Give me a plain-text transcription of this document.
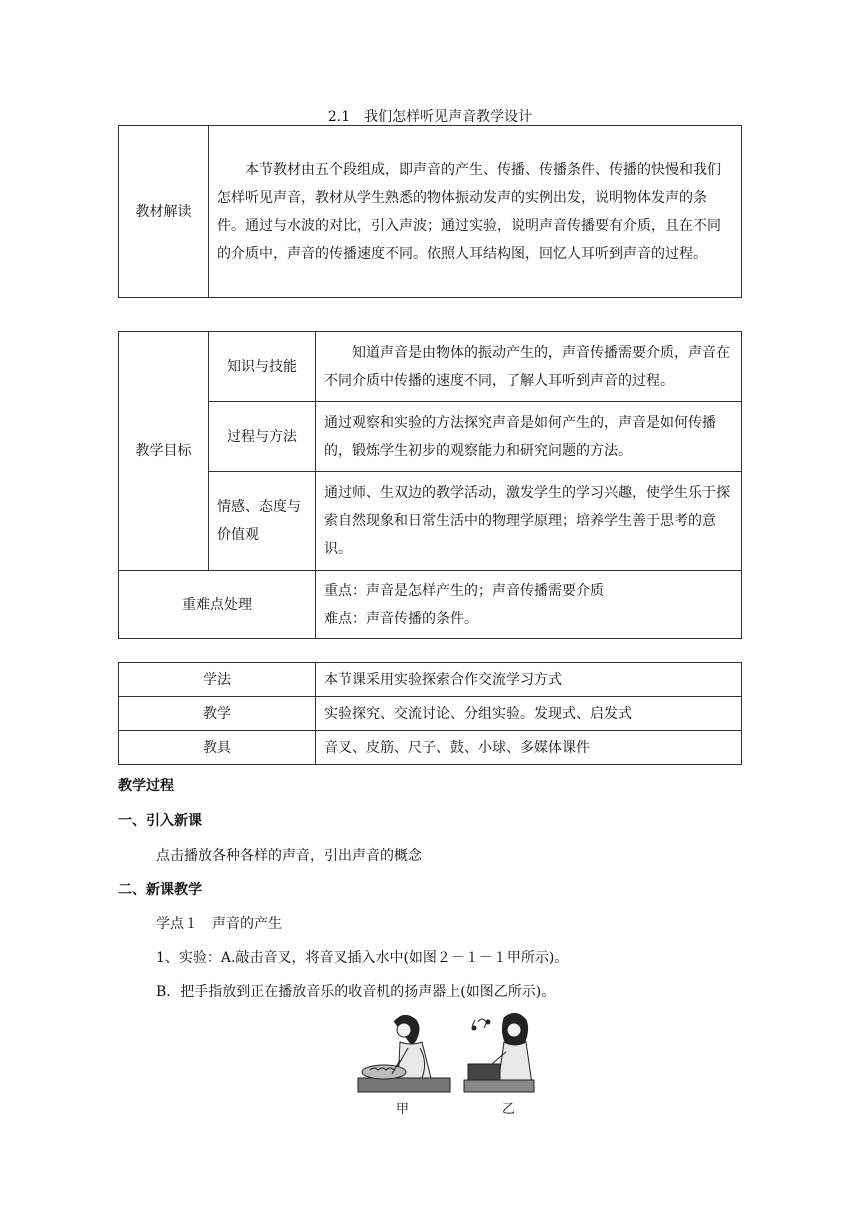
2.1　我们怎样听见声音教学设计
教材解读	本节教材由五个段组成，即声音的产生、传播、传播条件、传播的快慢和我们怎样听见声音，教材从学生熟悉的物体振动发声的实例出发，说明物体发声的条件。通过与水波的对比，引入声波；通过实验，说明声音传播要有介质，且在不同的介质中，声音的传播速度不同。依照人耳结构图，回忆人耳听到声音的过程。
教学目标	知识与技能	知道声音是由物体的振动产生的，声音传播需要介质，声音在不同介质中传播的速度不同，了解人耳听到声音的过程。
	过程与方法	通过观察和实验的方法探究声音是如何产生的，声音是如何传播的，锻炼学生初步的观察能力和研究问题的方法。
	情感、态度与价值观	通过师、生双边的教学活动，激发学生的学习兴趣，使学生乐于探索自然现象和日常生活中的物理学原理；培养学生善于思考的意识。
重难点处理		重点：声音是怎样产生的；声音传播需要介质
难点：声音传播的条件。
学法	本节课采用实验探索合作交流学习方式
教学	实验探究、交流讨论、分组实验。发现式、启发式
教具	音叉、皮筋、尺子、鼓、小球、多媒体课件
教学过程
一、引入新课
点击播放各种各样的声音，引出声音的概念
二、新课教学
学点１　声音的产生
1、实验：A.敲击音叉，将音叉插入水中(如图２－１－１甲所示)。
B．把手指放到正在播放音乐的收音机的扬声器上(如图乙所示)。
甲	乙
